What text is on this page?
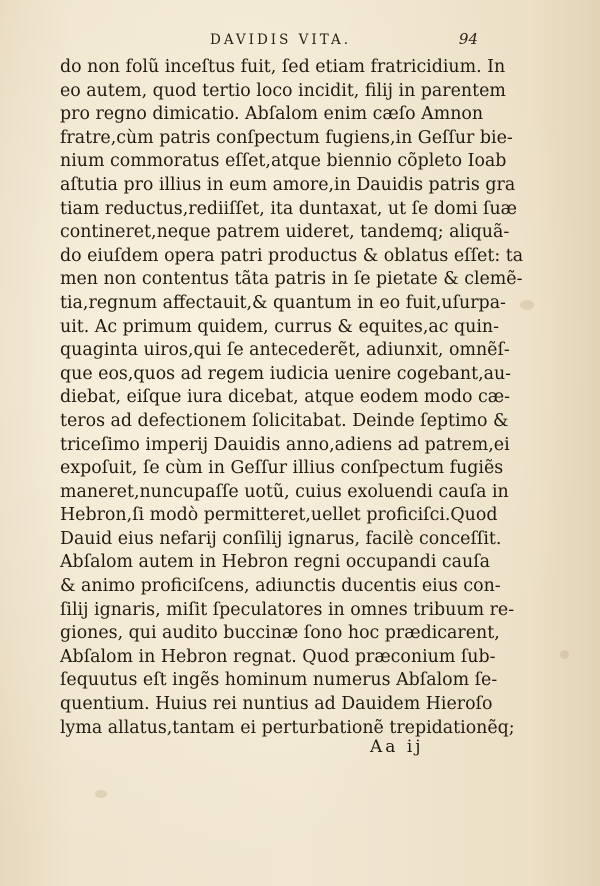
DAVIDIS VITA.	94
do non folũ inceſtus fuit, ſed etiam fratricidium. In
eo autem, quod tertio loco incidit, filij in parentem
pro regno dimicatio. Abſalom enim cæſo Amnon
fratre,cùm patris conſpectum fugiens,in Geſſur bie-
nium commoratus eſſet,atque biennio cõpleto Ioab
aſtutia pro illius in eum amore,in Dauidis patris gra
tiam reductus,rediiſſet, ita duntaxat, ut ſe domi ſuæ
contineret,neque patrem uideret, tandemq; aliquã-
do eiuſdem opera patri productus & oblatus eſſet: ta
men non contentus tãta patris in ſe pietate & clemẽ-
tia,regnum affectauit,& quantum in eo fuit,uſurpa-
uit. Ac primum quidem, currus & equites,ac quin-
quaginta uiros,qui ſe antecederẽt, adiunxit, omnẽſ-
que eos,quos ad regem iudicia uenire cogebant,au-
diebat, eiſque iura dicebat, atque eodem modo cæ-
teros ad defectionem ſolicitabat. Deinde ſeptimo &
triceſimo imperij Dauidis anno,adiens ad patrem,ei
expoſuit, ſe cùm in Geſſur illius conſpectum fugiẽs
maneret,nuncupaſſe uotũ, cuius exoluendi cauſa in
Hebron,ſi modò permitteret,uellet proficiſci.Quod
Dauid eius nefarij conſilij ignarus, facilè conceſſit.
Abſalom autem in Hebron regni occupandi cauſa
& animo proficiſcens, adiunctis ducentis eius con-
ſilij ignaris, miſit ſpeculatores in omnes tribuum re-
giones, qui audito buccinæ ſono hoc prædicarent,
Abſalom in Hebron regnat. Quod præconium ſub-
ſequutus eſt ingẽs hominum numerus Abſalom ſe-
quentium. Huius rei nuntius ad Dauidem Hieroſo
lyma allatus,tantam ei perturbationẽ trepidationẽq;
Aa ij
